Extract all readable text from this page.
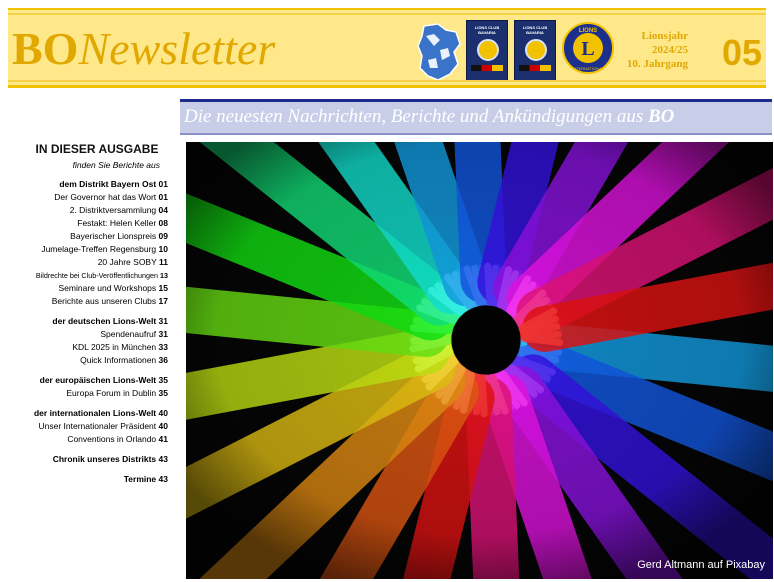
BONewsletter	LIONS CLUB BAVARIA
LIONS CLUB BAVARIA
L
LIONS
INTERNATIONAL
Lionsjahr
2024/25
10. Jahrgang 05
Die neuesten Nachrichten, Berichte und Ankündigungen aus BO
IN DIESER AUSGABE
finden Sie Berichte aus
dem Distrikt Bayern Ost 01
Der Governor hat das Wort 01
2. Distriktversammlung 04
Festakt: Helen Keller 08
Bayerischer Lionspreis 09
Jumelage-Treffen Regensburg 10
20 Jahre SOBY 11
Bildrechte bei Club-Veröffentlichungen 13
Seminare und Workshops 15
Berichte aus unseren Clubs 17
der deutschen Lions-Welt 31
Spendenaufruf 31
KDL 2025 in München 33
Quick Informationen 36
der europäischen Lions-Welt 35
Europa Forum in Dublin 35
der internationalen Lions-Welt 40
Unser Internationaler Präsident 40
Conventions in Orlando 41
Chronik unseres Distrikts 43
Termine 43
Gerd Altmann auf Pixabay
